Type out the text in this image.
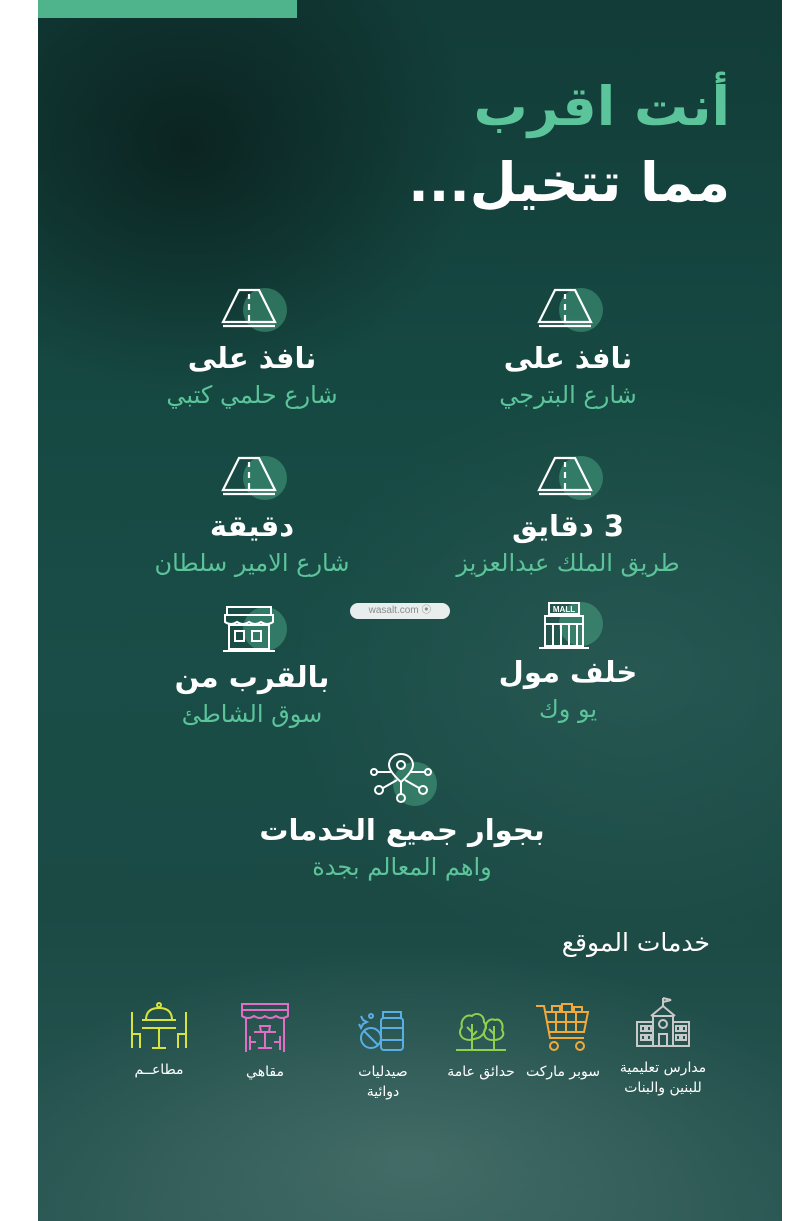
أنت اقرب
مما تتخيل...
نافذ على
شارع البترجي
نافذ على
شارع حلمي كتبي
3 دقايق
طريق الملك عبدالعزيز
دقيقة
شارع الامير سلطان
MALL
خلف مول
يو وك
بالقرب من
سوق الشاطئ
wasalt.com ⦿
بجوار جميع الخدمات
واهم المعالم بجدة
خدمات الموقع
مدارس تعليمية
للبنين والبنات
سوبر ماركت
حدائق عامة
صيدليات
دوائية
مقاهي
مطاعــم
